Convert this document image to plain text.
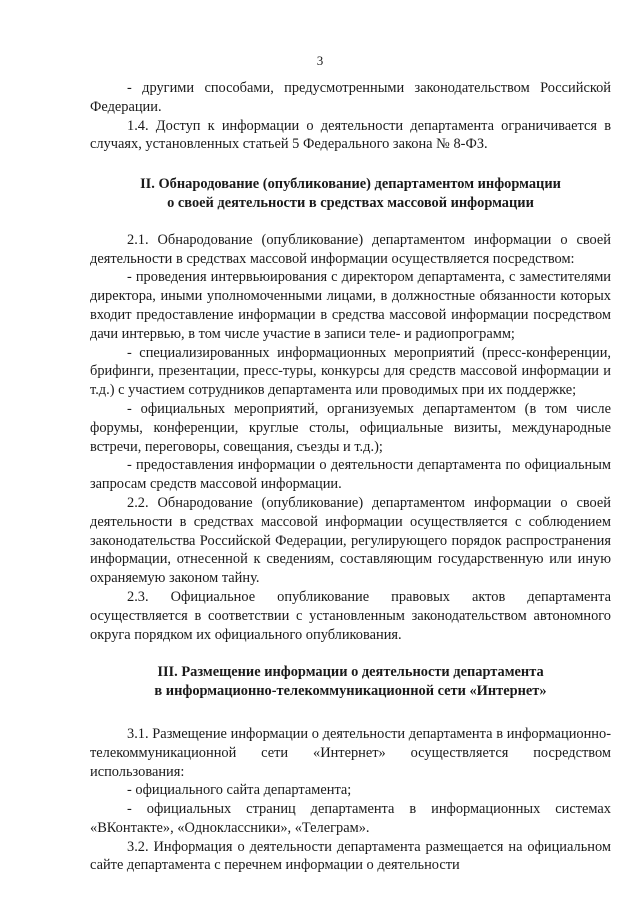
3

- другими способами, предусмотренными законодательством Российской Федерации.

1.4. Доступ к информации о деятельности департамента ограничивается в случаях, установленных статьей 5 Федерального закона № 8-ФЗ.

II. Обнародование (опубликование) департаментом информации

о своей деятельности в средствах массовой информации

2.1. Обнародование (опубликование) департаментом информации о своей деятельности в средствах массовой информации осуществляется посредством:

- проведения интервьюирования с директором департамента, с заместителями директора, иными уполномоченными лицами, в должностные обязанности которых входит предоставление информации в средства массовой информации посредством дачи интервью, в том числе участие в записи теле- и радиопрограмм;

- специализированных информационных мероприятий (пресс-конференции, брифинги, презентации, пресс-туры, конкурсы для средств массовой информации и т.д.) с участием сотрудников департамента или проводимых при их поддержке;

- официальных мероприятий, организуемых департаментом (в том числе форумы, конференции, круглые столы, официальные визиты, международные встречи, переговоры, совещания, съезды и т.д.);

- предоставления информации о деятельности департамента по официальным запросам средств массовой информации.

2.2. Обнародование (опубликование) департаментом информации о своей деятельности в средствах массовой информации осуществляется с соблюдением законодательства Российской Федерации, регулирующего порядок распространения информации, отнесенной к сведениям, составляющим государственную или иную охраняемую законом тайну.

2.3. Официальное опубликование правовых актов департамента осуществляется в соответствии с установленным законодательством автономного округа порядком их официального опубликования.

III. Размещение информации о деятельности департамента

в информационно-телекоммуникационной сети «Интернет»

3.1. Размещение информации о деятельности департамента в информационно-телекоммуникационной сети «Интернет» осуществляется посредством использования:

- официального сайта департамента;

- официальных страниц департамента в информационных системах «ВКонтакте», «Одноклассники», «Телеграм».

3.2. Информация о деятельности департамента размещается на официальном сайте департамента с перечнем информации о деятельности
